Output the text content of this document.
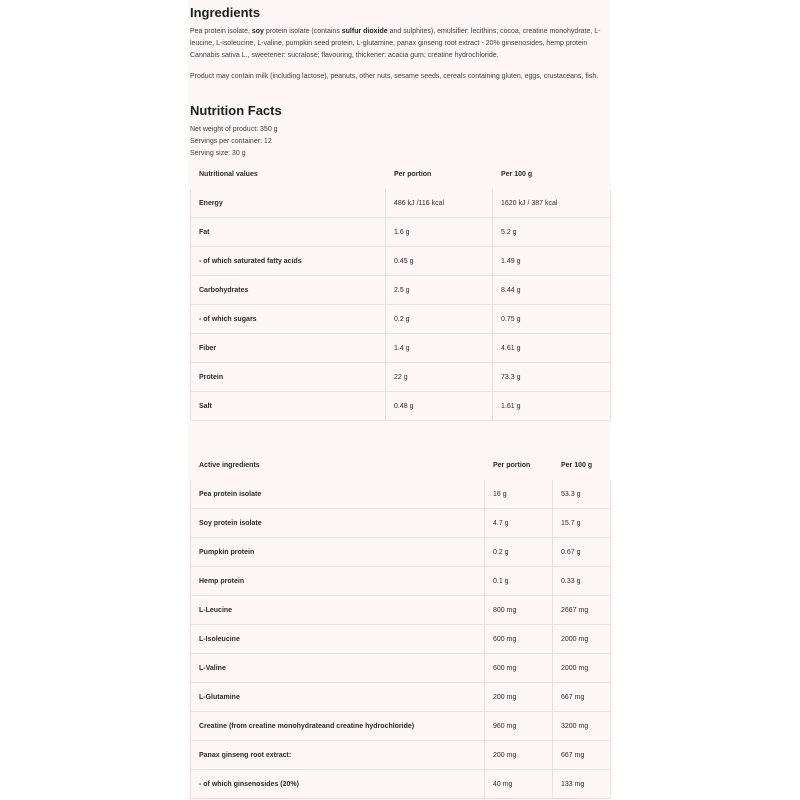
Ingredients

Pea protein isolate, soy protein isolate (contains sulfur dioxide and sulphites), emulsifier: lecithins; cocoa, creatine monohydrate, L-leucine, L-isoleucine, L-valine, pumpkin seed protein, L-glutamine, panax ginseng root extract - 20% ginsenosides, hemp protein Cannabis sativa L., sweetener: sucralose; flavouring, thickener: acacia gum; creatine hydrochloride.

Product may contain milk (including lactose), peanuts, other nuts, sesame seeds, cereals containing gluten, eggs, crustaceans, fish.

Nutrition Facts
Net weight of product: 350 g
Servings per container: 12
Serving size: 30 g
Nutritional values	Per portion	Per 100 g
Energy	486 kJ /116 kcal	1620 kJ / 387 kcal
Fat	1.6 g	5.2 g
- of which saturated fatty acids	0.45 g	1.49 g
Carbohydrates	2.5 g	8.44 g
- of which sugars	0.2 g	0.75 g
Fiber	1.4 g	4.61 g
Protein	22 g	73.3 g
Salt	0.48 g	1.61 g
Active ingredients	Per portion	Per 100 g
Pea protein isolate	16 g	53.3 g
Soy protein isolate	4.7 g	15.7 g
Pumpkin protein	0.2 g	0.67 g
Hemp protein	0.1 g	0.33 g
L-Leucine	800 mg	2667 mg
L-Isoleucine	600 mg	2000 mg
L-Valine	600 mg	2000 mg
L-Glutamine	200 mg	667 mg
Creatine (from creatine monohydrateand creatine hydrochloride)	960 mg	3200 mg
Panax ginseng root extract:	200 mg	667 mg
- of which ginsenosides (20%)	40 mg	133 mg
